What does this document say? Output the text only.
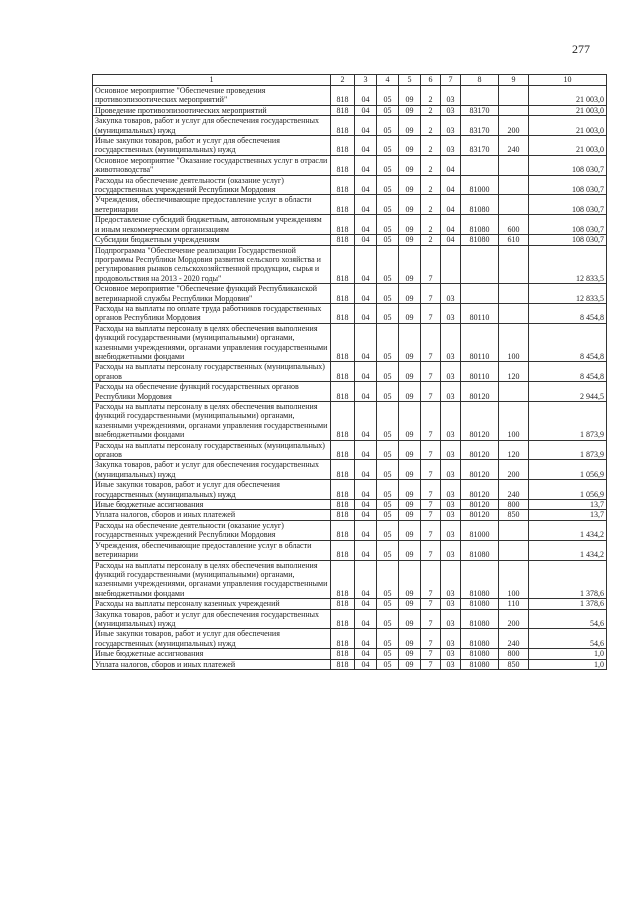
277
1	2	3	4	5	6	7	8	9	10
Основное мероприятие "Обеспечение проведения противоэпизоотических мероприятий"	818	04	05	09	2	03			21 003,0
Проведение противоэпизоотических мероприятий	818	04	05	09	2	03	83170		21 003,0
Закупка товаров, работ и услуг для обеспечения государственных (муниципальных) нужд	818	04	05	09	2	03	83170	200	21 003,0
Иные закупки товаров, работ и услуг для обеспечения государственных (муниципальных) нужд	818	04	05	09	2	03	83170	240	21 003,0
Основное мероприятие "Оказание государственных услуг в отрасли животноводства"	818	04	05	09	2	04			108 030,7
Расходы на обеспечение деятельности (оказание услуг) государственных учреждений Республики Мордовия	818	04	05	09	2	04	81000		108 030,7
Учреждения, обеспечивающие предоставление услуг в области ветеринарии	818	04	05	09	2	04	81080		108 030,7
Предоставление субсидий бюджетным, автономным учреждениям и иным некоммерческим организациям	818	04	05	09	2	04	81080	600	108 030,7
Субсидии бюджетным учреждениям	818	04	05	09	2	04	81080	610	108 030,7
Подпрограмма "Обеспечение реализации Государственной программы Республики Мордовия развития сельского хозяйства и регулирования рынков сельскохозяйственной продукции, сырья и продовольствия на 2013 - 2020 годы"	818	04	05	09	7				12 833,5
Основное мероприятие "Обеспечение функций Республиканской ветеринарной службы Республики Мордовия"	818	04	05	09	7	03			12 833,5
Расходы на выплаты по оплате труда работников государственных органов Республики Мордовия	818	04	05	09	7	03	80110		8 454,8
Расходы на выплаты персоналу в целях обеспечения выполнения функций государственными (муниципальными) органами, казенными учреждениями, органами управления государственными внебюджетными фондами	818	04	05	09	7	03	80110	100	8 454,8
Расходы на выплаты персоналу государственных (муниципальных) органов	818	04	05	09	7	03	80110	120	8 454,8
Расходы на обеспечение функций государственных органов Республики Мордовия	818	04	05	09	7	03	80120		2 944,5
Расходы на выплаты персоналу в целях обеспечения выполнения функций государственными (муниципальными) органами, казенными учреждениями, органами управления государственными внебюджетными фондами	818	04	05	09	7	03	80120	100	1 873,9
Расходы на выплаты персоналу государственных (муниципальных) органов	818	04	05	09	7	03	80120	120	1 873,9
Закупка товаров, работ и услуг для обеспечения государственных (муниципальных) нужд	818	04	05	09	7	03	80120	200	1 056,9
Иные закупки товаров, работ и услуг для обеспечения государственных (муниципальных) нужд	818	04	05	09	7	03	80120	240	1 056,9
Иные бюджетные ассигнования	818	04	05	09	7	03	80120	800	13,7
Уплата налогов, сборов и иных платежей	818	04	05	09	7	03	80120	850	13,7
Расходы на обеспечение деятельности (оказание услуг) государственных учреждений Республики Мордовия	818	04	05	09	7	03	81000		1 434,2
Учреждения, обеспечивающие предоставление услуг в области ветеринарии	818	04	05	09	7	03	81080		1 434,2
Расходы на выплаты персоналу в целях обеспечения выполнения функций государственными (муниципальными) органами, казенными учреждениями, органами управления государственными внебюджетными фондами	818	04	05	09	7	03	81080	100	1 378,6
Расходы на выплаты персоналу казенных учреждений	818	04	05	09	7	03	81080	110	1 378,6
Закупка товаров, работ и услуг для обеспечения государственных (муниципальных) нужд	818	04	05	09	7	03	81080	200	54,6
Иные закупки товаров, работ и услуг для обеспечения государственных (муниципальных) нужд	818	04	05	09	7	03	81080	240	54,6
Иные бюджетные ассигнования	818	04	05	09	7	03	81080	800	1,0
Уплата налогов, сборов и иных платежей	818	04	05	09	7	03	81080	850	1,0
